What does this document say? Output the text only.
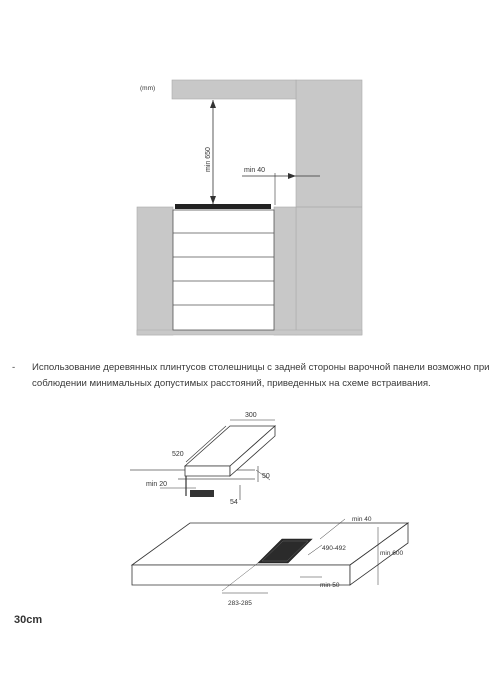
(mm)
min 650	min 40
-	Использование деревянных плинтусов столешницы с задней стороны варочной панели возможно при соблюдении минимальных допустимых расстояний, приведенных на схеме встраивания.
300
520
50
min 20
54
min 40
490-492
min 600
min 50
283-285
30cm
